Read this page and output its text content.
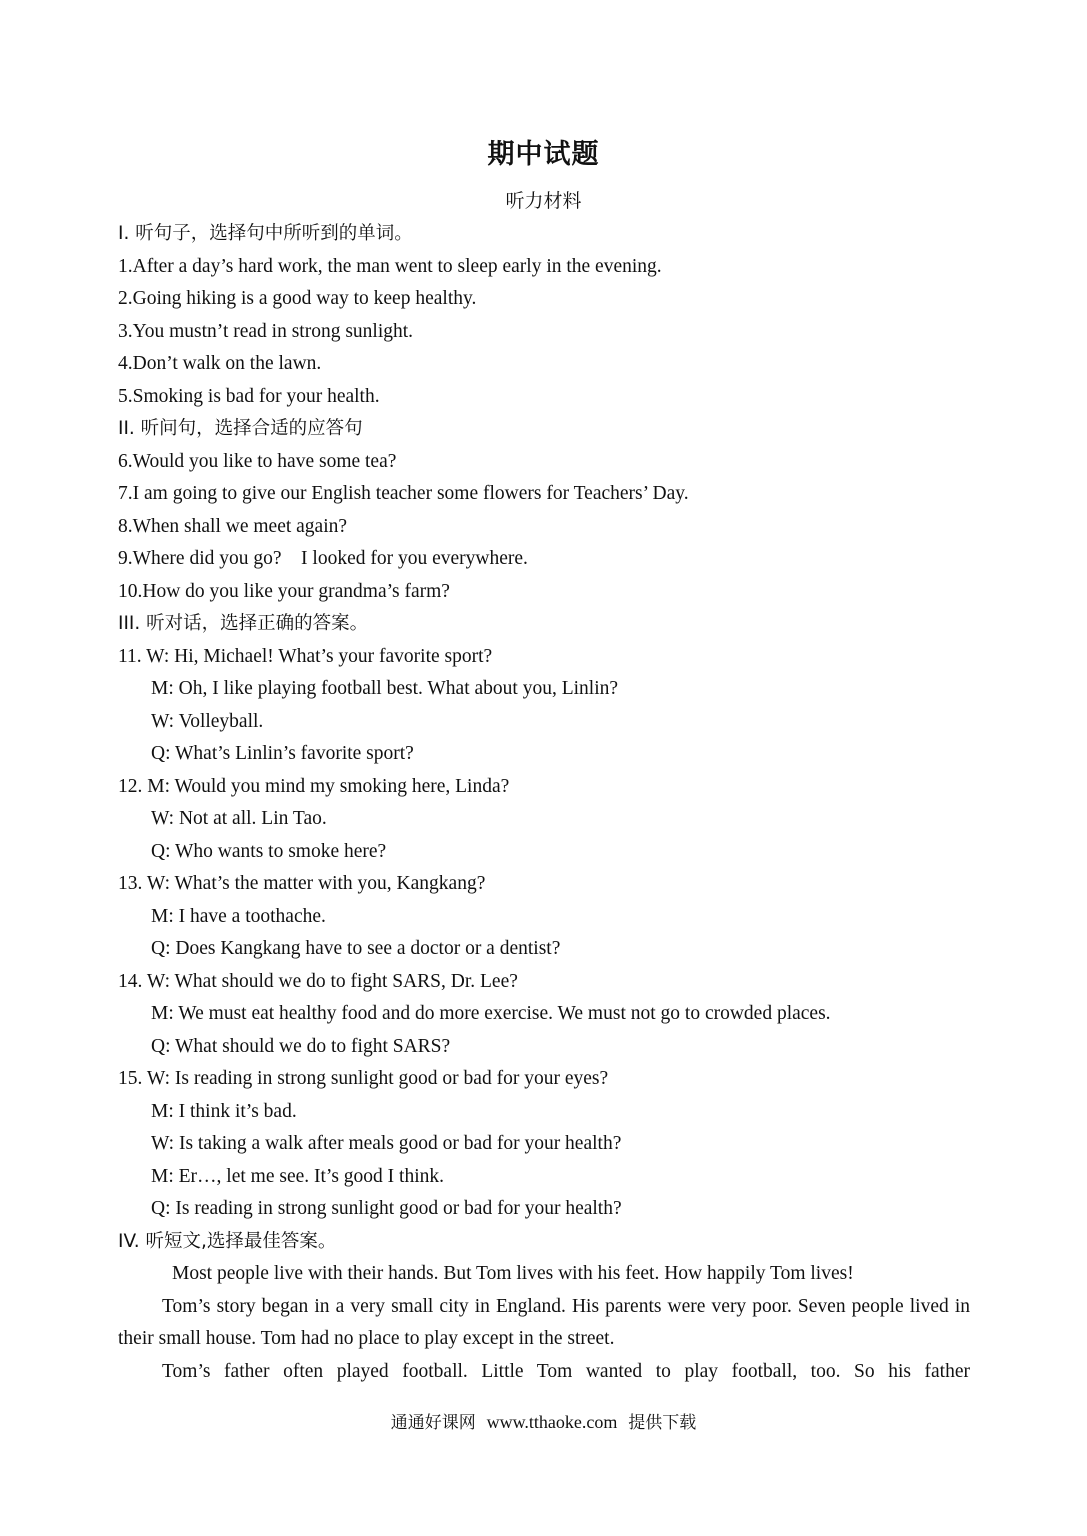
期中试题
听力材料
I. 听句子，选择句中所听到的单词。
1.After a day’s hard work, the man went to sleep early in the evening.
2.Going hiking is a good way to keep healthy.
3.You mustn’t read in strong sunlight.
4.Don’t walk on the lawn.
5.Smoking is bad for your health.
II. 听问句，选择合适的应答句
6.Would you like to have some tea?
7.I am going to give our English teacher some flowers for Teachers’ Day.
8.When shall we meet again?
9.Where did you go?    I looked for you everywhere.
10.How do you like your grandma’s farm?
III. 听对话，选择正确的答案。
11. W: Hi, Michael! What’s your favorite sport?
M: Oh, I like playing football best. What about you, Linlin?
W: Volleyball.
Q: What’s Linlin’s favorite sport?
12. M: Would you mind my smoking here, Linda?
W: Not at all. Lin Tao.
Q: Who wants to smoke here?
13. W: What’s the matter with you, Kangkang?
M: I have a toothache.
Q: Does Kangkang have to see a doctor or a dentist?
14. W: What should we do to fight SARS, Dr. Lee?
M: We must eat healthy food and do more exercise. We must not go to crowded places.
Q: What should we do to fight SARS?
15. W: Is reading in strong sunlight good or bad for your eyes?
M: I think it’s bad.
W: Is taking a walk after meals good or bad for your health?
M: Er…, let me see. It’s good I think.
Q: Is reading in strong sunlight good or bad for your health?
IV. 听短文,选择最佳答案。
Most people live with their hands. But Tom lives with his feet. How happily Tom lives!
Tom’s story began in a very small city in England. His parents were very poor. Seven people lived in their small house. Tom had no place to play except in the street.
Tom’s father often played football. Little Tom wanted to play football, too. So his father
通通好课网 www.tthaoke.com 提供下载
